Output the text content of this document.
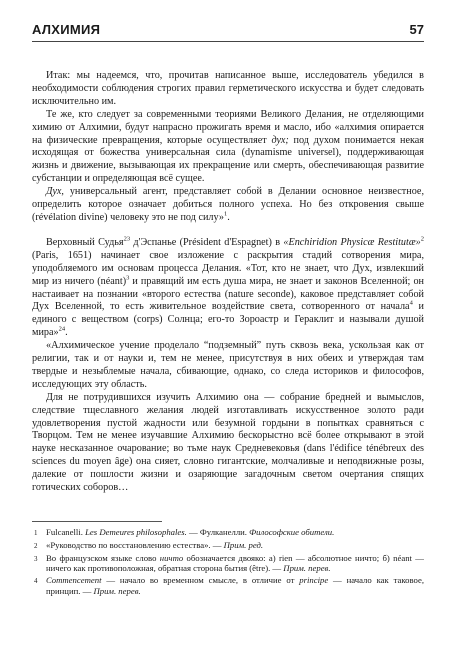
АЛХИМИЯ	57

Итак: мы надеемся, что, прочитав написанное выше, исследователь убедился в необходимости соблюдения строгих правил герметического искусства и будет следовать исключительно им.

Те же, кто следует за современными теориями Великого Делания, не отделяющими химию от Алхимии, будут напрасно прожигать время и масло, ибо «алхимия опирается на физические превращения, которые осуществляет дух; под духом понимается некая исходящая от божества универсальная сила (dynamisme universel), поддерживающая жизнь и движение, вызывающая их прекращение или смерть, обеспечивающая развитие субстанции и определяющая всё сущее.

Дух, универсальный агент, представляет собой в Делании основное неизвестное, определить которое означает добиться полного успеха. Но без откровения свыше (révélation divine) человеку это не под силу»$^1$.

Верховный Судья$^{23}$ д'Эспанье (Président d'Espagnet) в «Enchiridion Physicæ Restitutæ»$^2$ (Paris, 1651) начинает свое изложение с раскрытия стадий сотворения мира, уподобляемого им основам процесса Делания. «Тот, кто не знает, что Дух, извлекший мир из ничего (néant)$^3$ и правящий им есть душа мира, не знает и законов Вселенной; он настаивает на познании «второго естества (nature seconde), каковое представляет собой Дух Вселенной, то есть живительное воздействие света, сотворенного от начала$^4$ и единого с веществом (corps) Солнца; его-то Зороастр и Гераклит и называли душой мира»$^{24}$.

«Алхимическое учение проделало “подземный” путь сквозь века, ускользая как от религии, так и от науки и, тем не менее, присутствуя в них обеих и утверждая там твердые и незыблемые начала, сбивающие, однако, со следа историков и философов, исследующих эту область.

Для не потрудившихся изучить Алхимию она — собрание бредней и вымыслов, следствие тщеславного желания людей изготавливать искусственное золото ради удовлетворения пустой жадности или безумной гордыни в попытках сравняться с Творцом. Тем не менее изучавшие Алхимию бескорыстно всё более открывают в этой науке несказанное очарование; во тьме наук Средневековья (dans l'édifice ténébreux des sciences du moyen âge) она сияет, словно гигантские, молчаливые и неподвижные розы, далекие от пошлости жизни и озаряющие загадочным светом очертания спящих готических соборов…

1 Fulcanelli. Les Demeures philosophales. — Фулканелли. Философские обители.
2 «Руководство по восстановлению естества». — Прим. ред.
3 Во французском языке слово ничто обозначается двояко: а) rien — абсолютное ничто; б) néant — ничего как противоположная, обратная сторона бытия (être). — Прим. перев.
4 Commencement — начало во временном смысле, в отличие от principe — начало как таковое, принцип. — Прим. перев.
